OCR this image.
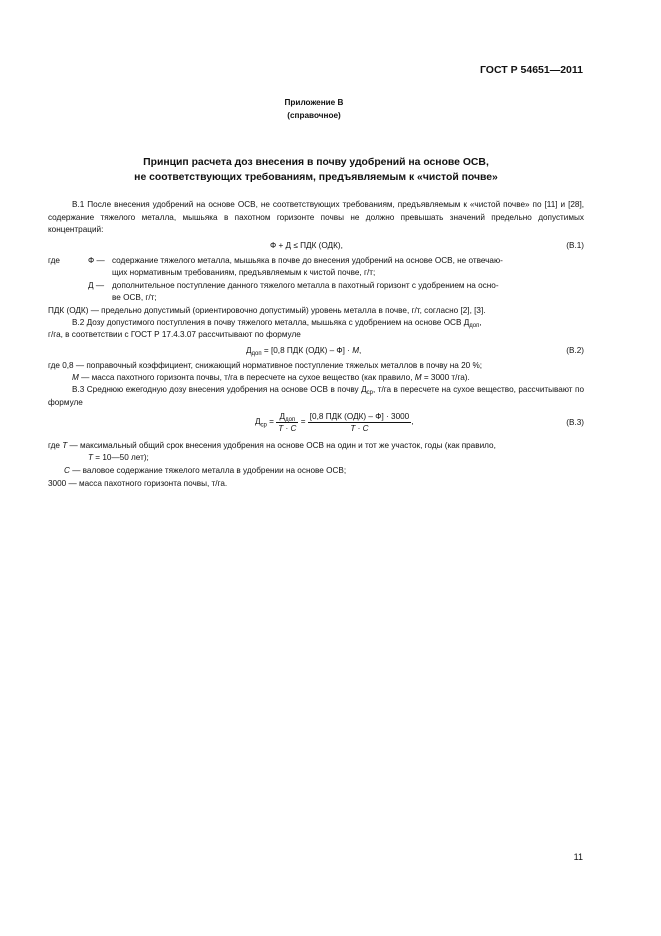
ГОСТ Р 54651—2011
Приложение В
(справочное)
Принцип расчета доз внесения в почву удобрений на основе ОСВ,
не соответствующих требованиям, предъявляемым к «чистой почве»
В.1 После внесения удобрений на основе ОСВ, не соответствующих требованиям, предъявляемым к «чистой почве» по [11] и [28], содержание тяжелого металла, мышьяка в пахотном горизонте почвы не должно превышать значений предельно допустимых концентраций:
Ф + Д ≤ ПДК (ОДК),	(В.1)
где	Ф — содержание тяжелого металла, мышьяка в почве до внесения удобрений на основе ОСВ, не отвечаю-
щих нормативным требованиям, предъявляемым к чистой почве, г/т;
Д — дополнительное поступление данного тяжелого металла в пахотный горизонт с удобрением на осно-
ве ОСВ, г/т;
ПДК (ОДК) — предельно допустимый (ориентировочно допустимый) уровень металла в почве, г/т, согласно [2], [3].
В.2 Дозу допустимого поступления в почву тяжелого металла, мышьяка с удобрением на основе ОСВ $Д_{доп}$,
г/га, в соответствии с ГОСТ Р 17.4.3.07 рассчитывают по формуле
$Д_{доп} = [0,8$ ПДК (ОДК) – Ф] · М,	(В.2)
где 0,8 — поправочный коэффициент, снижающий нормативное поступление тяжелых металлов в почву на 20 %;
М — масса пахотного горизонта почвы, т/га в пересчете на сухое вещество (как правило, М = 3000 т/га).
В.3 Среднюю ежегодную дозу внесения удобрения на основе ОСВ в почву $Д_{ср}$, т/га в пересчете на сухое вещество, рассчитывают по формуле
$Д_{ср} = \frac{Д_{доп}}{Т \cdot С} = \frac{\text{[0,8 ПДК (ОДК) – Ф] · 3000}}{Т \cdot С}$ ,	(В.3)
где Т — максимальный общий срок внесения удобрения на основе ОСВ на один и тот же участок, годы (как правило,
Т = 10—50 лет);
С — валовое содержание тяжелого металла в удобрении на основе ОСВ;
3000 — масса пахотного горизонта почвы, т/га.
11
